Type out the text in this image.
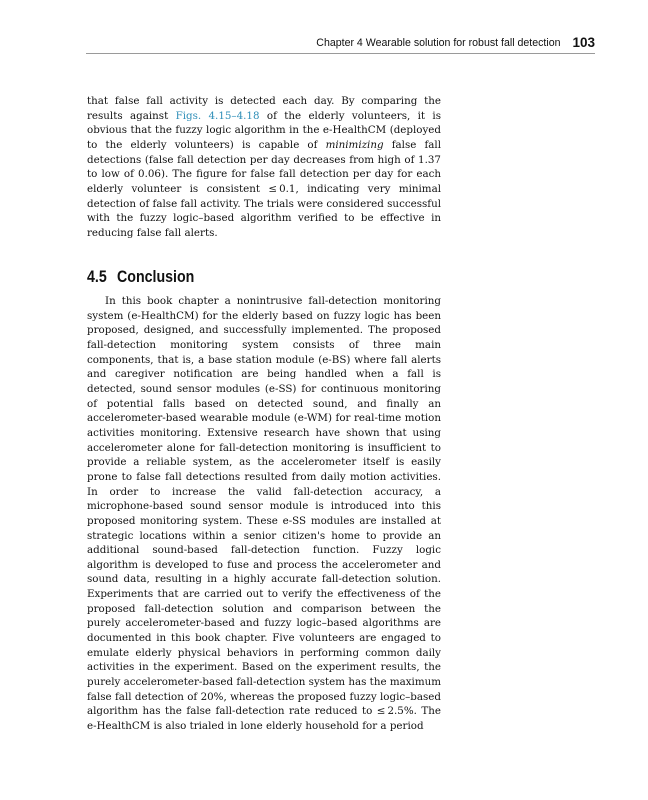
Chapter 4 Wearable solution for robust fall detection 103

that false fall activity is detected each day. By comparing the results against Figs. 4.15–4.18 of the elderly volunteers, it is obvious that the fuzzy logic algorithm in the e-HealthCM (deployed to the elderly volunteers) is capable of minimizing false fall detections (false fall detection per day decreases from high of 1.37 to low of 0.06). The figure for false fall detection per day for each elderly volunteer is consistent ≤ 0.1, indicating very minimal detection of false fall activity. The trials were considered successful with the fuzzy logic–based algorithm verified to be effective in reducing false fall alerts.

4.5 Conclusion

In this book chapter a nonintrusive fall-detection monitoring system (e-HealthCM) for the elderly based on fuzzy logic has been proposed, designed, and successfully implemented. The proposed fall-detection monitoring system consists of three main components, that is, a base station module (e-BS) where fall alerts and caregiver notification are being handled when a fall is detected, sound sensor modules (e-SS) for continuous monitoring of potential falls based on detected sound, and finally an accelerometer-based wearable module (e-WM) for real-time motion activities monitoring. Extensive research have shown that using accelerometer alone for fall-detection monitoring is insufficient to provide a reliable system, as the accelerometer itself is easily prone to false fall detections resulted from daily motion activities. In order to increase the valid fall-detection accuracy, a microphone-based sound sensor module is introduced into this proposed monitoring system. These e-SS modules are installed at strategic locations within a senior citizen's home to provide an additional sound-based fall-detection function. Fuzzy logic algorithm is developed to fuse and process the accelerometer and sound data, resulting in a highly accurate fall-detection solution. Experiments that are carried out to verify the effectiveness of the proposed fall-detection solution and comparison between the purely accelerometer-based and fuzzy logic–based algorithms are documented in this book chapter. Five volunteers are engaged to emulate elderly physical behaviors in performing common daily activities in the experiment. Based on the experiment results, the purely accelerometer-based fall-detection system has the maximum false fall detection of 20%, whereas the proposed fuzzy logic–based algorithm has the false fall-detection rate reduced to ≤ 2.5%. The e-HealthCM is also trialed in lone elderly household for a period
